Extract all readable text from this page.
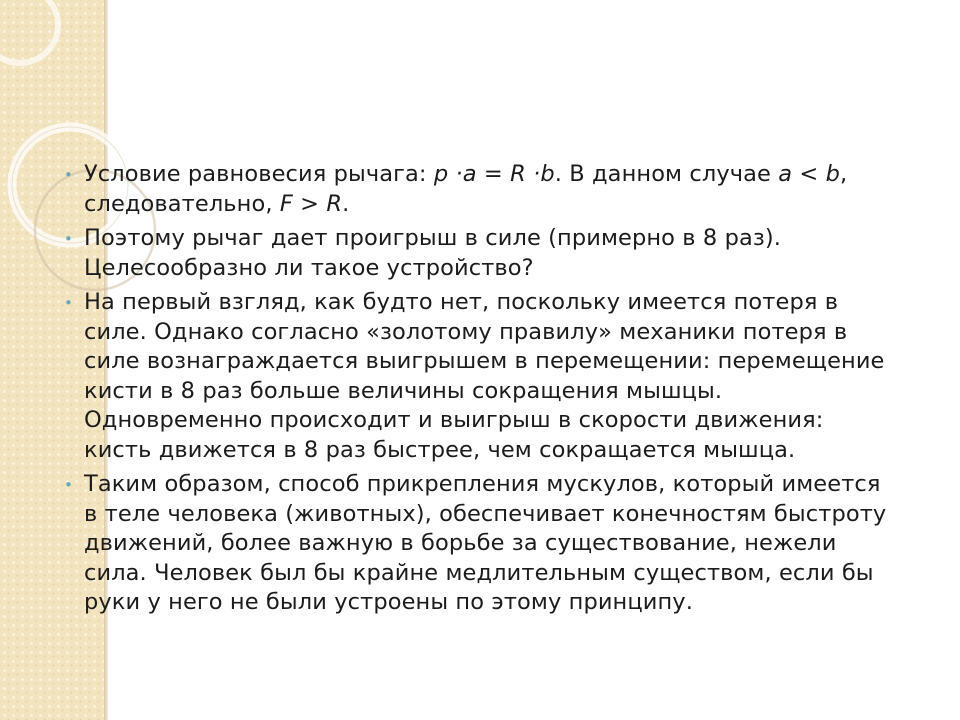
• Условие равновесия рычага: p ·a = R ·b. В данном случае a < b, следовательно, F > R.
• Поэтому рычаг дает проигрыш в силе (примерно в 8 раз). Целесообразно ли такое устройство?
• На первый взгляд, как будто нет, поскольку имеется потеря в силе. Однако согласно «золотому правилу» механики потеря в силе вознаграждается выигрышем в перемещении: перемещение кисти в 8 раз больше величины сокращения мышцы. Одновременно происходит и выигрыш в скорости движения: кисть движется в 8 раз быстрее, чем сокращается мышца.
• Таким образом, способ прикрепления мускулов, который имеется в теле человека (животных), обеспечивает конечностям быстроту движений, более важную в борьбе за существование, нежели сила. Человек был бы крайне медлительным существом, если бы руки у него не были устроены по этому принципу.
